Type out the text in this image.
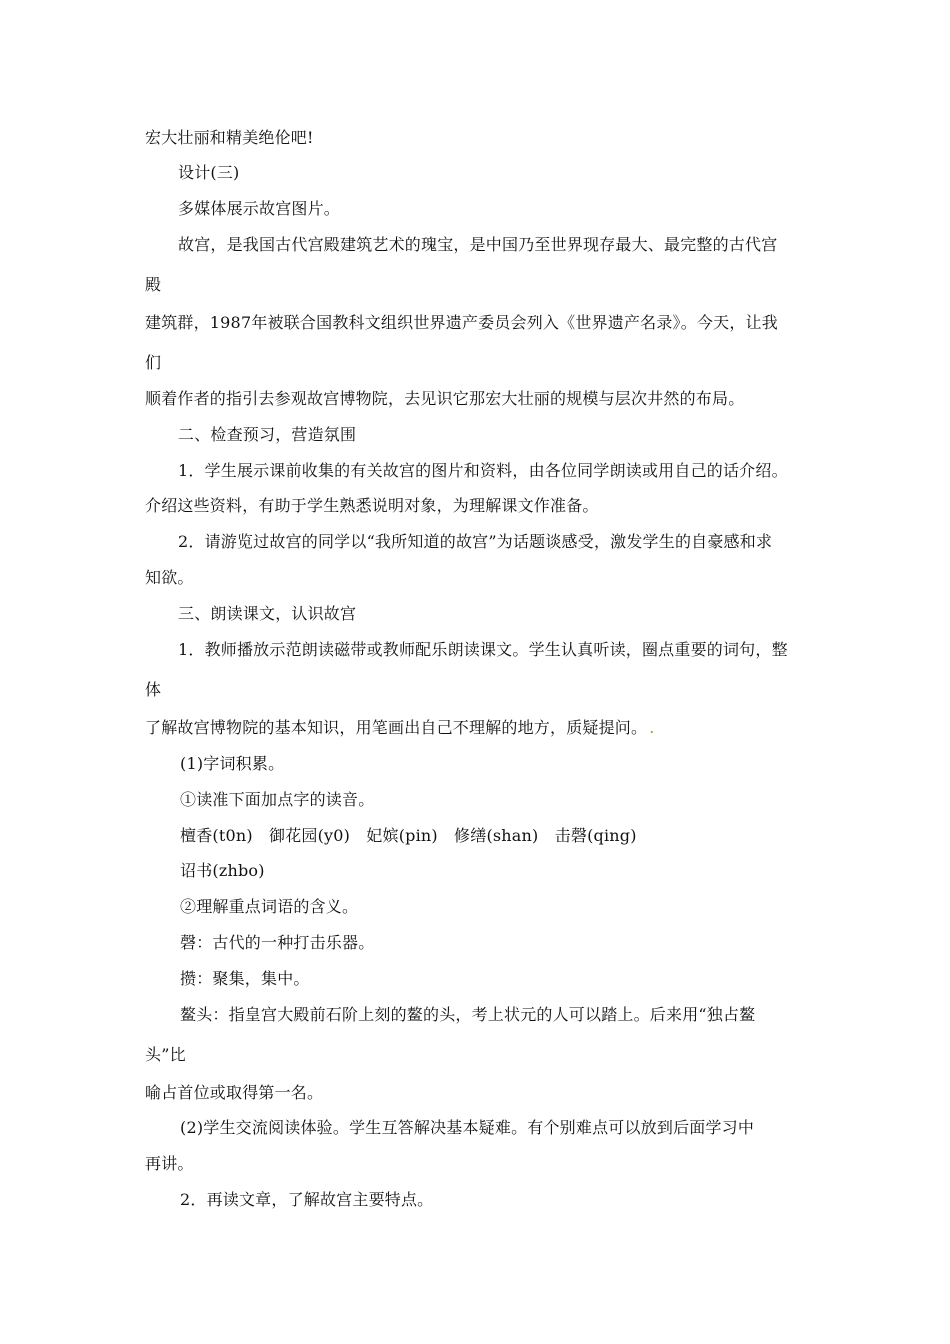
宏大壮丽和精美绝伦吧!
设计(三)
多媒体展示故宫图片。
故宫，是我国古代宫殿建筑艺术的瑰宝，是中国乃至世界现存最大、最完整的古代宫
殿
建筑群，1987年被联合国教科文组织世界遗产委员会列入《世界遗产名录》。今天，让我
们
顺着作者的指引去参观故宫博物院，去见识它那宏大壮丽的规模与层次井然的布局。
二、检查预习，营造氛围
1．学生展示课前收集的有关故宫的图片和资料，由各位同学朗读或用自己的话介绍。
介绍这些资料，有助于学生熟悉说明对象，为理解课文作准备。
2．请游览过故宫的同学以“我所知道的故宫”为话题谈感受，激发学生的自豪感和求
知欲。
三、朗读课文，认识故宫
1．教师播放示范朗读磁带或教师配乐朗读课文。学生认真听读，圈点重要的词句，整
体
了解故宫博物院的基本知识，用笔画出自己不理解的地方，质疑提问。 .
(1)字词积累。
①读准下面加点字的读音。
檀香(t0n)　御花园(y0)　妃嫔(pin)　修缮(shan)　击磬(qing)
诏书(zhbo)
②理解重点词语的含义。
磬：古代的一种打击乐器。
攒：聚集，集中。
鳌头：指皇宫大殿前石阶上刻的鳌的头，考上状元的人可以踏上。后来用“独占鳌
头”比
喻占首位或取得第一名。
(2)学生交流阅读体验。学生互答解决基本疑难。有个别难点可以放到后面学习中
再讲。
2．再读文章，了解故宫主要特点。
